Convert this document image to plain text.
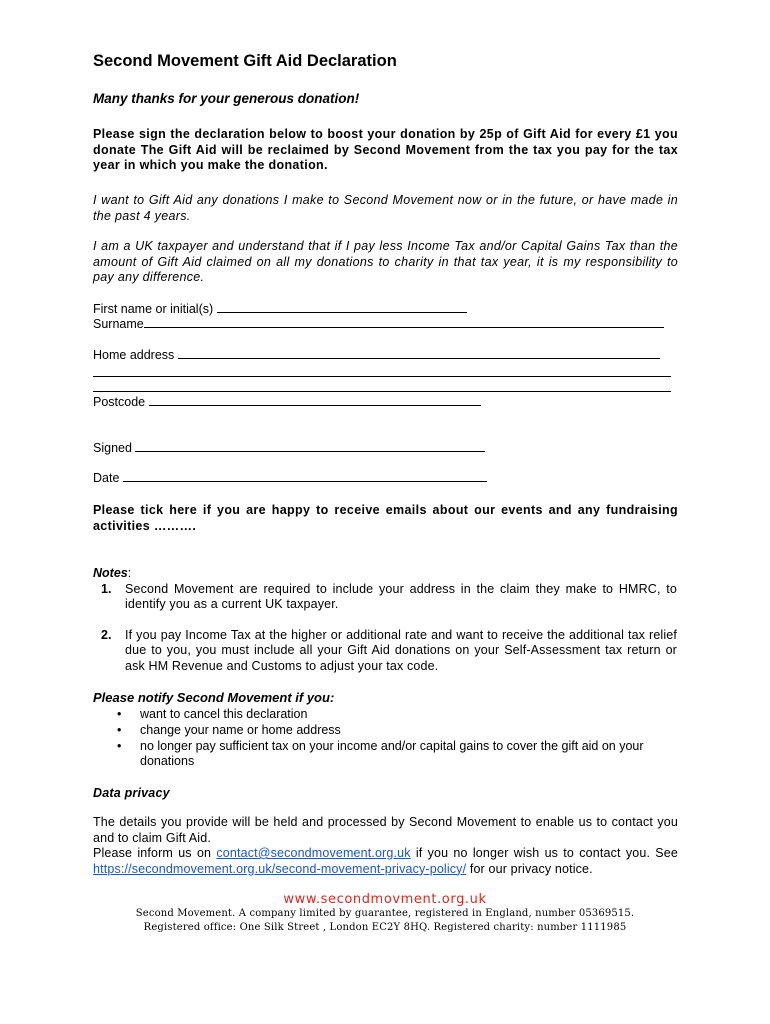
Second Movement Gift Aid Declaration
Many thanks for your generous donation!
Please sign the declaration below to boost your donation by 25p of Gift Aid for every £1 you donate The Gift Aid will be reclaimed by Second Movement from the tax you pay for the tax year in which you make the donation.
I want to Gift Aid any donations I make to Second Movement now or in the future, or have made in the past 4 years.
I am a UK taxpayer and understand that if I pay less Income Tax and/or Capital Gains Tax than the amount of Gift Aid claimed on all my donations to charity in that tax year, it is my responsibility to pay any difference.
First name or initial(s)
Surname
Home address
Postcode
Signed
Date
Please tick here if you are happy to receive emails about our events and any fundraising activities ……….
Notes:
1. Second Movement are required to include your address in the claim they make to HMRC, to identify you as a current UK taxpayer.
2. If you pay Income Tax at the higher or additional rate and want to receive the additional tax relief due to you, you must include all your Gift Aid donations on your Self-Assessment tax return or ask HM Revenue and Customs to adjust your tax code.
Please notify Second Movement if you:
• want to cancel this declaration
• change your name or home address
• no longer pay sufficient tax on your income and/or capital gains to cover the gift aid on your donations
Data privacy
The details you provide will be held and processed by Second Movement to enable us to contact you and to claim Gift Aid.
Please inform us on contact@secondmovement.org.uk if you no longer wish us to contact you. See https://secondmovement.org.uk/second-movement-privacy-policy/ for our privacy notice.
www.secondmovment.org.uk
Second Movement. A company limited by guarantee, registered in England, number 05369515.
Registered office: One Silk Street , London EC2Y 8HQ. Registered charity: number 1111985
